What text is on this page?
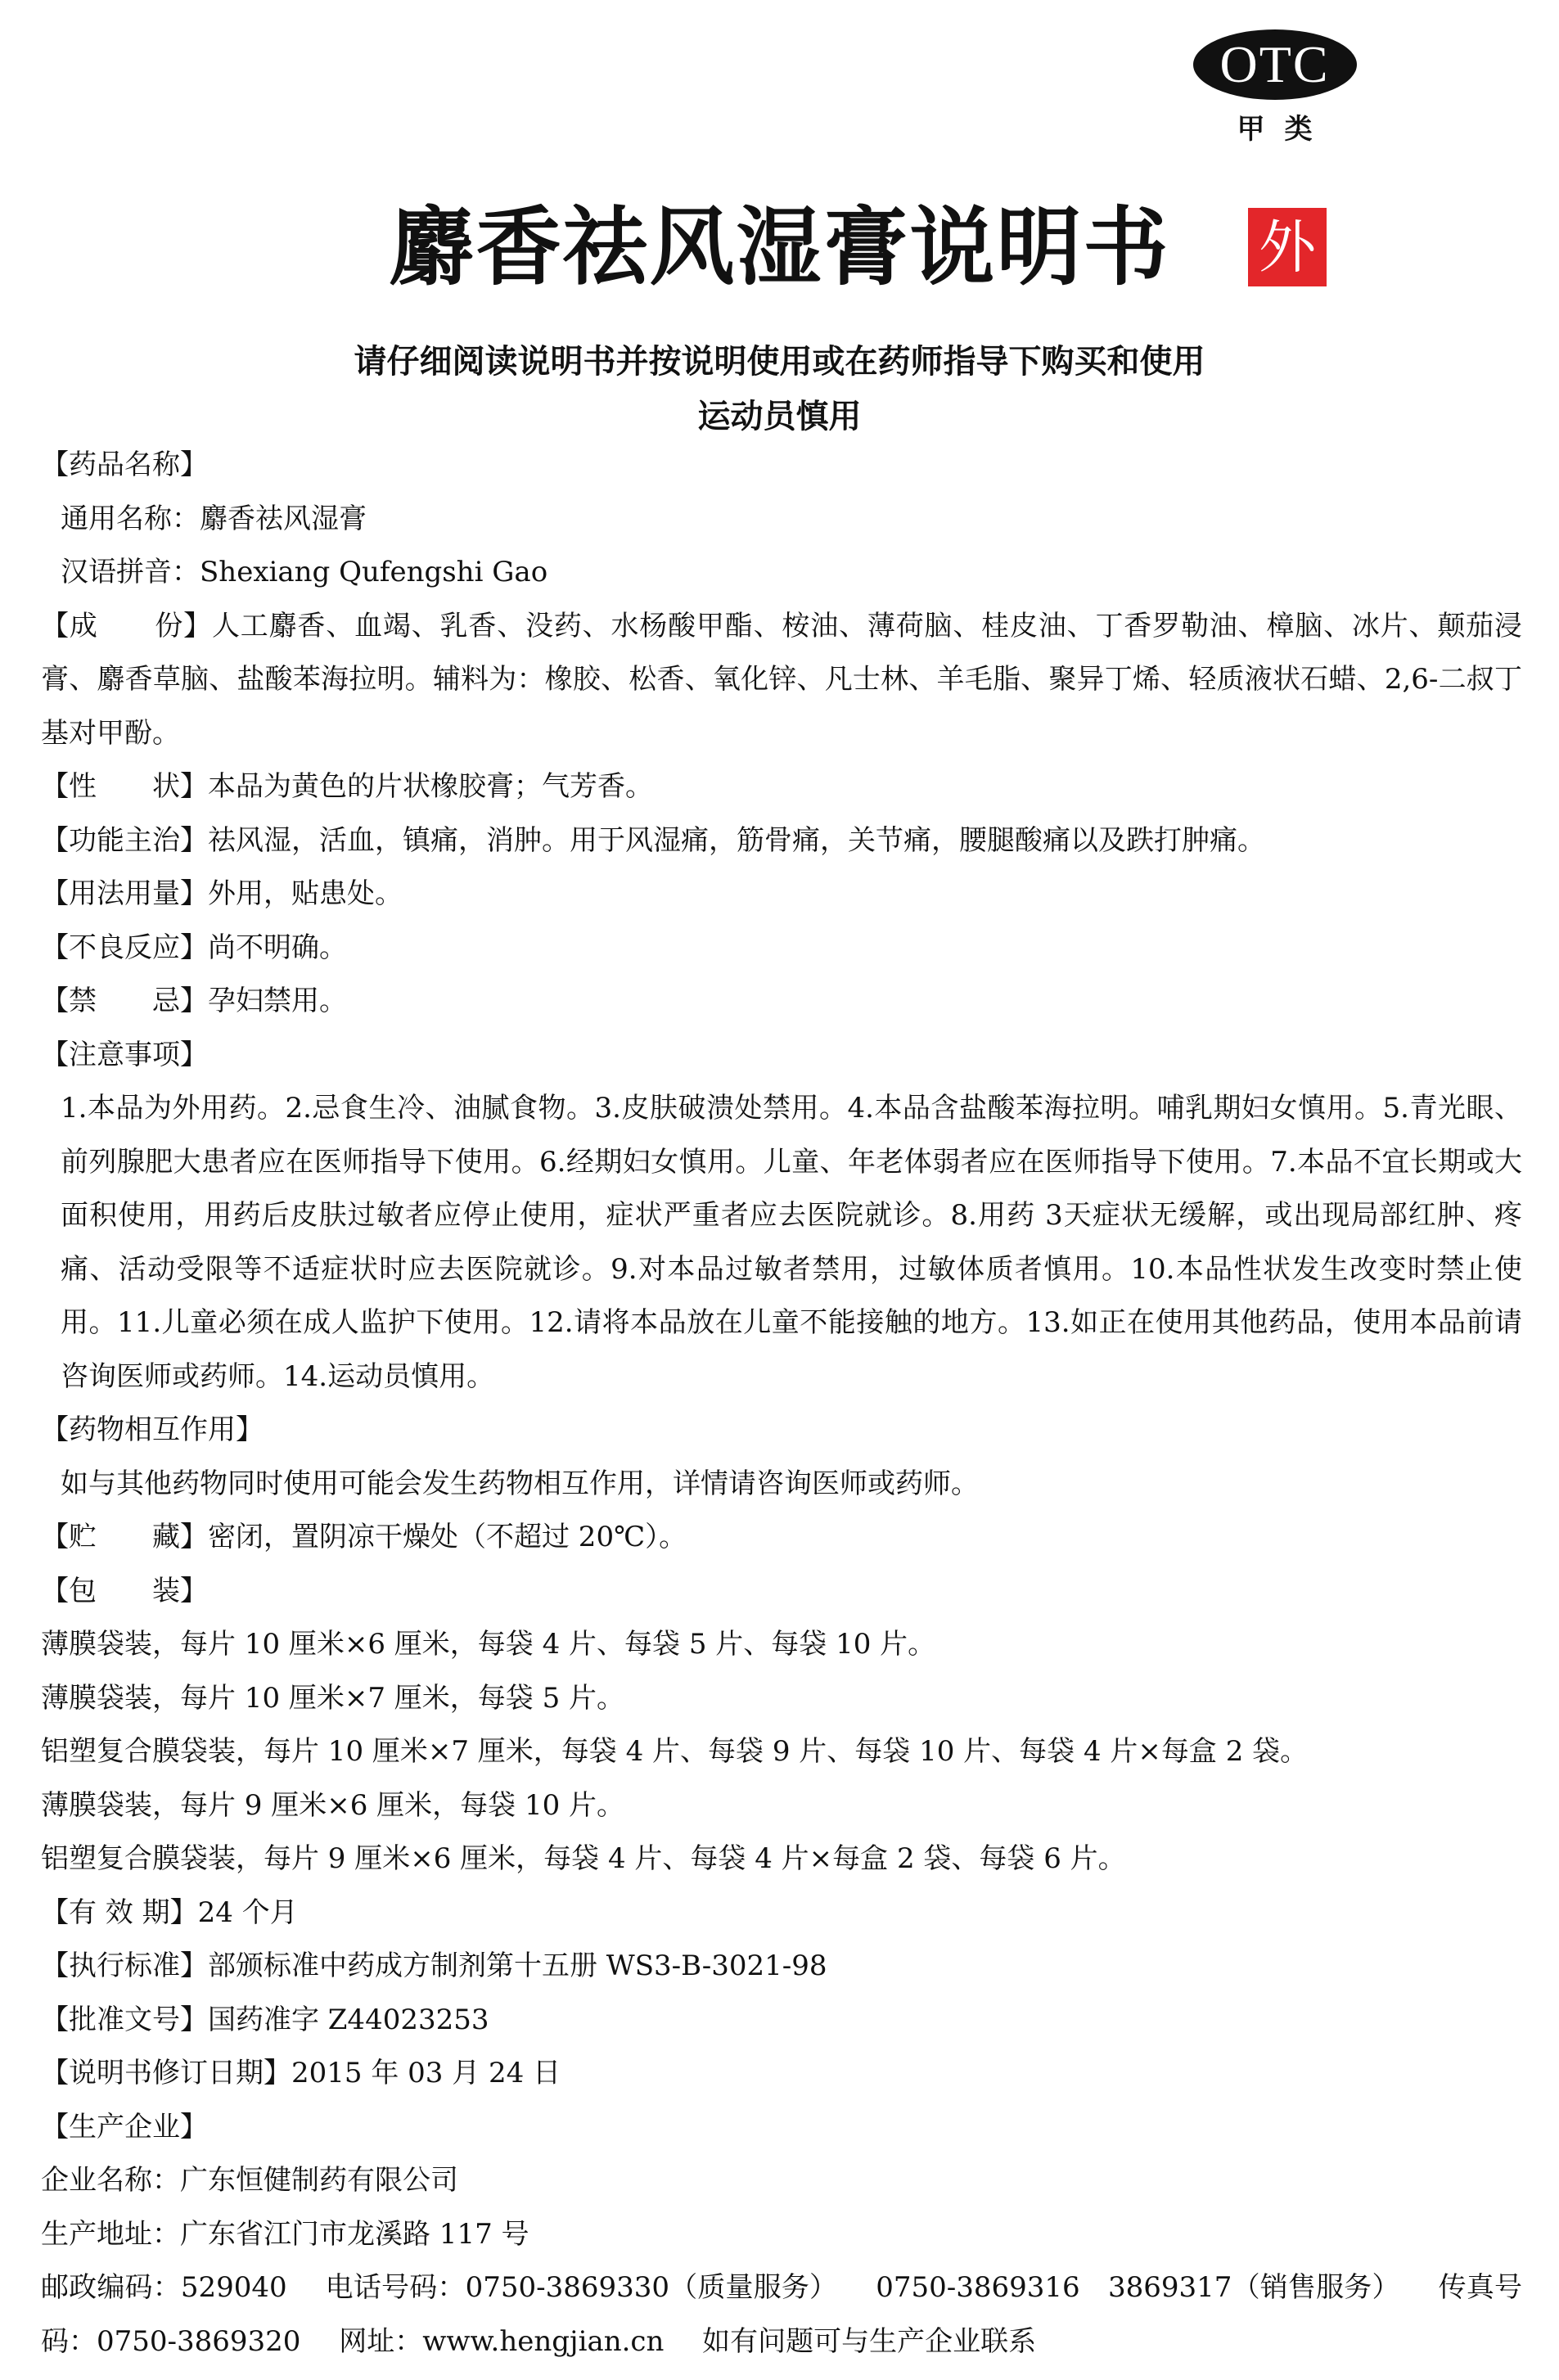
OTC
甲类
麝香祛风湿膏说明书	外
请仔细阅读说明书并按说明使用或在药师指导下购买和使用
运动员慎用

【药品名称】

通用名称：麝香祛风湿膏

汉语拼音：Shexiang Qufengshi Gao

【成　　份】人工麝香、血竭、乳香、没药、水杨酸甲酯、桉油、薄荷脑、桂皮油、丁香罗勒油、樟脑、冰片、颠茄浸膏、麝香草脑、盐酸苯海拉明。辅料为：橡胶、松香、氧化锌、凡士林、羊毛脂、聚异丁烯、轻质液状石蜡、2,6-二叔丁基对甲酚。

【性　　状】本品为黄色的片状橡胶膏；气芳香。

【功能主治】祛风湿，活血，镇痛，消肿。用于风湿痛，筋骨痛，关节痛，腰腿酸痛以及跌打肿痛。

【用法用量】外用，贴患处。

【不良反应】尚不明确。

【禁　　忌】孕妇禁用。

【注意事项】

1.本品为外用药。2.忌食生冷、油腻食物。3.皮肤破溃处禁用。4.本品含盐酸苯海拉明。哺乳期妇女慎用。5.青光眼、前列腺肥大患者应在医师指导下使用。6.经期妇女慎用。儿童、年老体弱者应在医师指导下使用。7.本品不宜长期或大面积使用，用药后皮肤过敏者应停止使用，症状严重者应去医院就诊。8.用药 3天症状无缓解，或出现局部红肿、疼痛、活动受限等不适症状时应去医院就诊。9.对本品过敏者禁用，过敏体质者慎用。10.本品性状发生改变时禁止使用。11.儿童必须在成人监护下使用。12.请将本品放在儿童不能接触的地方。13.如正在使用其他药品，使用本品前请咨询医师或药师。14.运动员慎用。

【药物相互作用】

如与其他药物同时使用可能会发生药物相互作用，详情请咨询医师或药师。

【贮　　藏】密闭，置阴凉干燥处（不超过 20℃）。

【包　　装】

薄膜袋装，每片 10 厘米×6 厘米，每袋 4 片、每袋 5 片、每袋 10 片。

薄膜袋装，每片 10 厘米×7 厘米，每袋 5 片。

铝塑复合膜袋装，每片 10 厘米×7 厘米，每袋 4 片、每袋 9 片、每袋 10 片、每袋 4 片×每盒 2 袋。

薄膜袋装，每片 9 厘米×6 厘米，每袋 10 片。

铝塑复合膜袋装，每片 9 厘米×6 厘米，每袋 4 片、每袋 4 片×每盒 2 袋、每袋 6 片。

【有 效 期】24 个月

【执行标准】部颁标准中药成方制剂第十五册 WS3-B-3021-98

【批准文号】国药准字 Z44023253

【说明书修订日期】2015 年 03 月 24 日

【生产企业】

企业名称：广东恒健制药有限公司

生产地址：广东省江门市龙溪路 117 号

邮政编码：529040 电话号码：0750-3869330（质量服务） 0750-3869316　3869317（销售服务） 传真号码：0750-3869320 网址：www.hengjian.cn 如有问题可与生产企业联系
